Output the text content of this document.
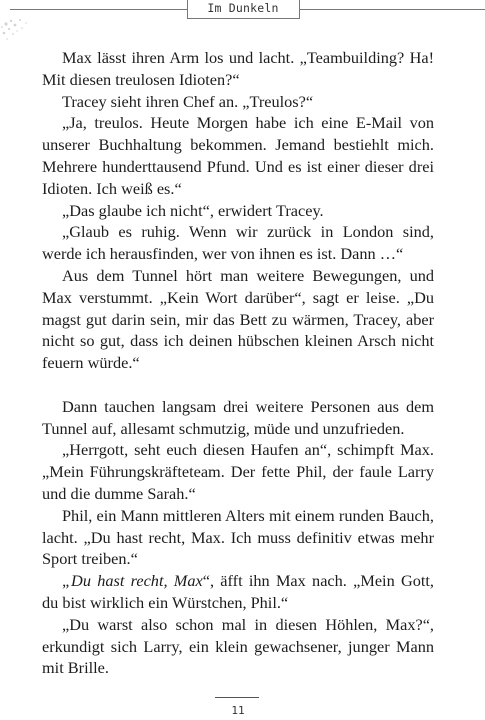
Im Dunkeln

Max lässt ihren Arm los und lacht. „Teambuilding? Ha! Mit diesen treulosen Idioten?“

Tracey sieht ihren Chef an. „Treulos?“

„Ja, treulos. Heute Morgen habe ich eine E-Mail von unserer Buchhaltung bekommen. Jemand bestiehlt mich. Mehrere hunderttausend Pfund. Und es ist einer dieser drei Idioten. Ich weiß es.“

„Das glaube ich nicht“, erwidert Tracey.

„Glaub es ruhig. Wenn wir zurück in London sind, werde ich herausfinden, wer von ihnen es ist. Dann …“

Aus dem Tunnel hört man weitere Bewegungen, und Max verstummt. „Kein Wort darüber“, sagt er leise. „Du magst gut darin sein, mir das Bett zu wärmen, Tracey, aber nicht so gut, dass ich deinen hübschen kleinen Arsch nicht feuern würde.“

Dann tauchen langsam drei weitere Personen aus dem Tunnel auf, allesamt schmutzig, müde und unzufrieden.

„Herrgott, seht euch diesen Haufen an“, schimpft Max. „Mein Führungskräfteteam. Der fette Phil, der faule Larry und die dumme Sarah.“

Phil, ein Mann mittleren Alters mit einem runden Bauch, lacht. „Du hast recht, Max. Ich muss definitiv etwas mehr Sport treiben.“

„Du hast recht, Max“, äfft ihn Max nach. „Mein Gott, du bist wirklich ein Würstchen, Phil.“

„Du warst also schon mal in diesen Höhlen, Max?“, erkundigt sich Larry, ein klein gewachsener, junger Mann mit Brille.

11
